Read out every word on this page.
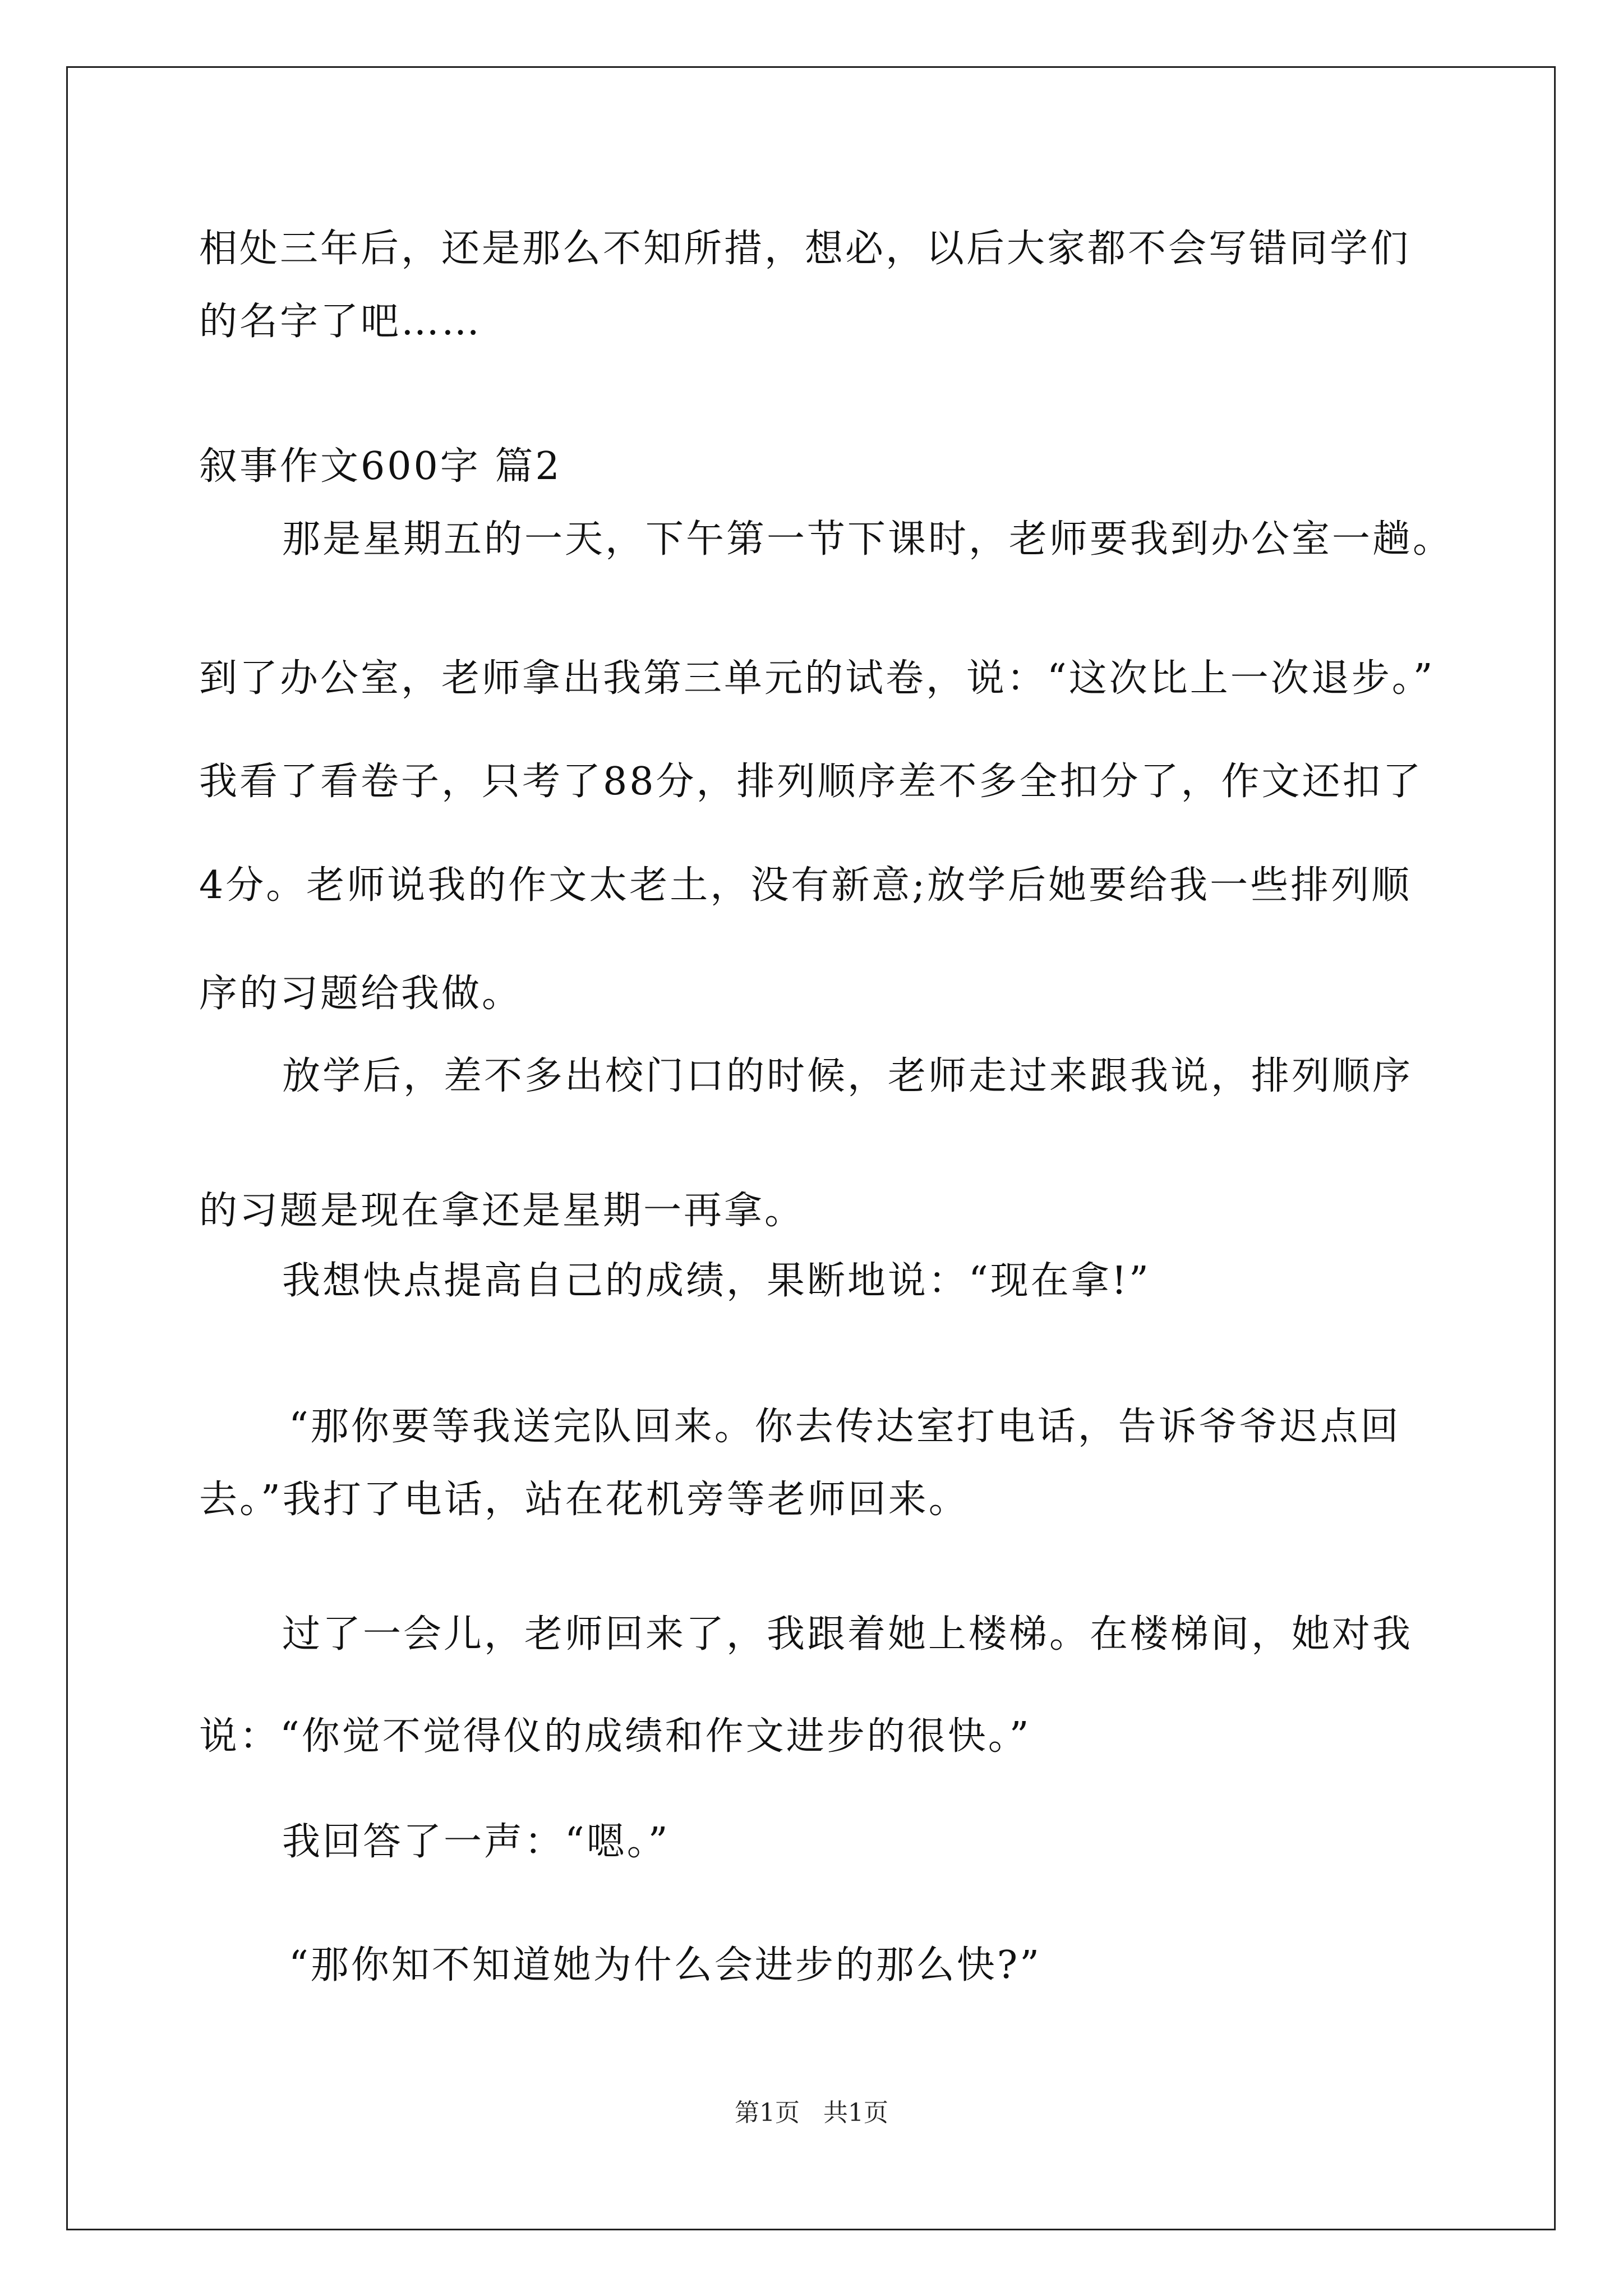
相处三年后，还是那么不知所措，想必，以后大家都不会写错同学们
的名字了吧……
叙事作文600字 篇2
那是星期五的一天，下午第一节下课时，老师要我到办公室一趟。
到了办公室，老师拿出我第三单元的试卷，说：“这次比上一次退步。”
我看了看卷子，只考了88分，排列顺序差不多全扣分了，作文还扣了
4分。老师说我的作文太老土，没有新意;放学后她要给我一些排列顺
序的习题给我做。
放学后，差不多出校门口的时候，老师走过来跟我说，排列顺序
的习题是现在拿还是星期一再拿。
我想快点提高自己的成绩，果断地说：“现在拿!”
“那你要等我送完队回来。你去传达室打电话，告诉爷爷迟点回
去。”我打了电话，站在花机旁等老师回来。
过了一会儿，老师回来了，我跟着她上楼梯。在楼梯间，她对我
说：“你觉不觉得仪的成绩和作文进步的很快。”
我回答了一声：“嗯。”
“那你知不知道她为什么会进步的那么快?”
第1页   共1页
